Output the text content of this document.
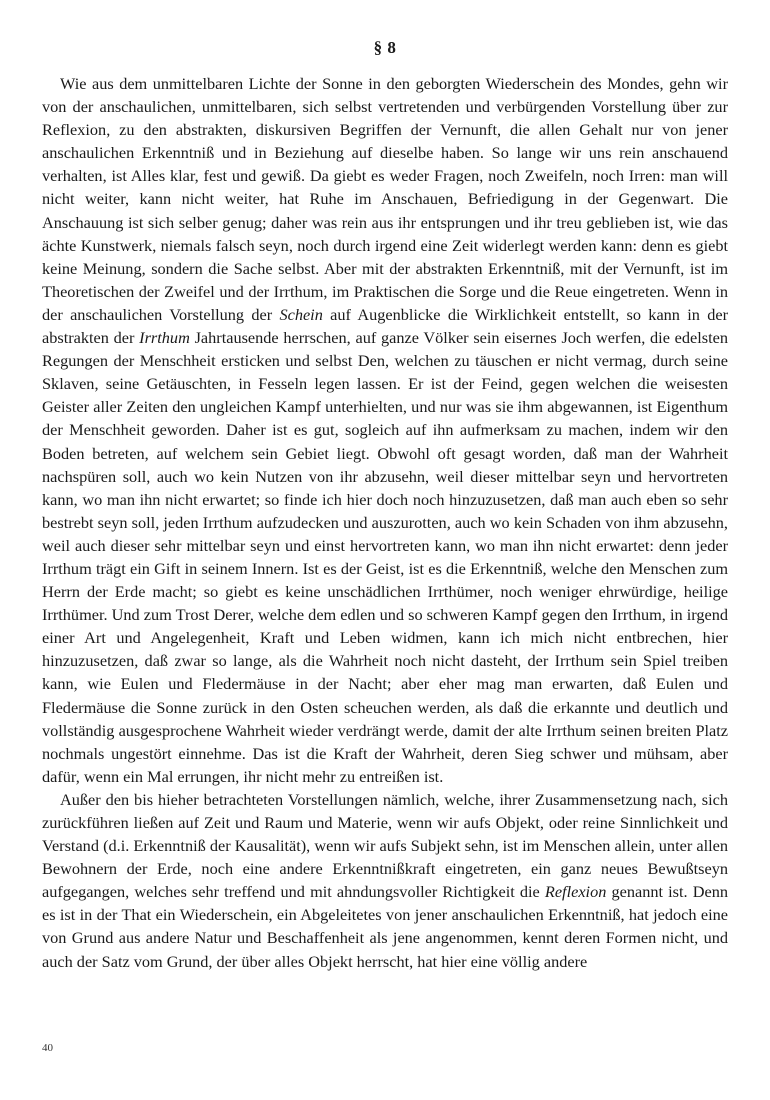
§ 8

Wie aus dem unmittelbaren Lichte der Sonne in den geborgten Wiederschein des Mondes, gehn wir von der anschaulichen, unmittelbaren, sich selbst vertretenden und verbürgenden Vorstellung über zur Reflexion, zu den abstrakten, diskursiven Begriffen der Vernunft, die allen Gehalt nur von jener anschaulichen Erkenntniß und in Beziehung auf dieselbe haben. So lange wir uns rein anschauend verhalten, ist Alles klar, fest und gewiß. Da giebt es weder Fragen, noch Zweifeln, noch Irren: man will nicht weiter, kann nicht weiter, hat Ruhe im Anschauen, Befriedigung in der Gegenwart. Die Anschauung ist sich selber genug; daher was rein aus ihr entsprungen und ihr treu geblieben ist, wie das ächte Kunstwerk, niemals falsch seyn, noch durch irgend eine Zeit widerlegt werden kann: denn es giebt keine Meinung, sondern die Sache selbst. Aber mit der abstrakten Erkenntniß, mit der Vernunft, ist im Theoretischen der Zweifel und der Irrthum, im Praktischen die Sorge und die Reue eingetreten. Wenn in der anschaulichen Vorstellung der Schein auf Augenblicke die Wirklichkeit entstellt, so kann in der abstrakten der Irrthum Jahrtausende herrschen, auf ganze Völker sein eisernes Joch werfen, die edelsten Regungen der Menschheit ersticken und selbst Den, welchen zu täuschen er nicht vermag, durch seine Sklaven, seine Getäuschten, in Fesseln legen lassen. Er ist der Feind, gegen welchen die weisesten Geister aller Zeiten den ungleichen Kampf unterhielten, und nur was sie ihm abgewannen, ist Eigenthum der Menschheit geworden. Daher ist es gut, sogleich auf ihn aufmerksam zu machen, indem wir den Boden betreten, auf welchem sein Gebiet liegt. Obwohl oft gesagt worden, daß man der Wahrheit nachspüren soll, auch wo kein Nutzen von ihr abzusehn, weil dieser mittelbar seyn und hervortreten kann, wo man ihn nicht erwartet; so finde ich hier doch noch hinzuzusetzen, daß man auch eben so sehr bestrebt seyn soll, jeden Irrthum aufzudecken und auszurotten, auch wo kein Schaden von ihm abzusehn, weil auch dieser sehr mittelbar seyn und einst hervortreten kann, wo man ihn nicht erwartet: denn jeder Irrthum trägt ein Gift in seinem Innern. Ist es der Geist, ist es die Erkenntniß, welche den Menschen zum Herrn der Erde macht; so giebt es keine unschädlichen Irrthümer, noch weniger ehrwürdige, heilige Irrthümer. Und zum Trost Derer, welche dem edlen und so schweren Kampf gegen den Irrthum, in irgend einer Art und Angelegenheit, Kraft und Leben widmen, kann ich mich nicht entbrechen, hier hinzuzusetzen, daß zwar so lange, als die Wahrheit noch nicht dasteht, der Irrthum sein Spiel treiben kann, wie Eulen und Fledermäuse in der Nacht; aber eher mag man erwarten, daß Eulen und Fledermäuse die Sonne zurück in den Osten scheuchen werden, als daß die erkannte und deutlich und vollständig ausgesprochene Wahrheit wieder verdrängt werde, damit der alte Irrthum seinen breiten Platz nochmals ungestört einnehme. Das ist die Kraft der Wahrheit, deren Sieg schwer und mühsam, aber dafür, wenn ein Mal errungen, ihr nicht mehr zu entreißen ist.

Außer den bis hieher betrachteten Vorstellungen nämlich, welche, ihrer Zusammensetzung nach, sich zurückführen ließen auf Zeit und Raum und Materie, wenn wir aufs Objekt, oder reine Sinnlichkeit und Verstand (d.i. Erkenntniß der Kausalität), wenn wir aufs Subjekt sehn, ist im Menschen allein, unter allen Bewohnern der Erde, noch eine andere Erkenntnißkraft eingetreten, ein ganz neues Bewußtseyn aufgegangen, welches sehr treffend und mit ahndungsvoller Richtigkeit die Reflexion genannt ist. Denn es ist in der That ein Wiederschein, ein Abgeleitetes von jener anschaulichen Erkenntniß, hat jedoch eine von Grund aus andere Natur und Beschaffenheit als jene angenommen, kennt deren Formen nicht, und auch der Satz vom Grund, der über alles Objekt herrscht, hat hier eine völlig andere

40
